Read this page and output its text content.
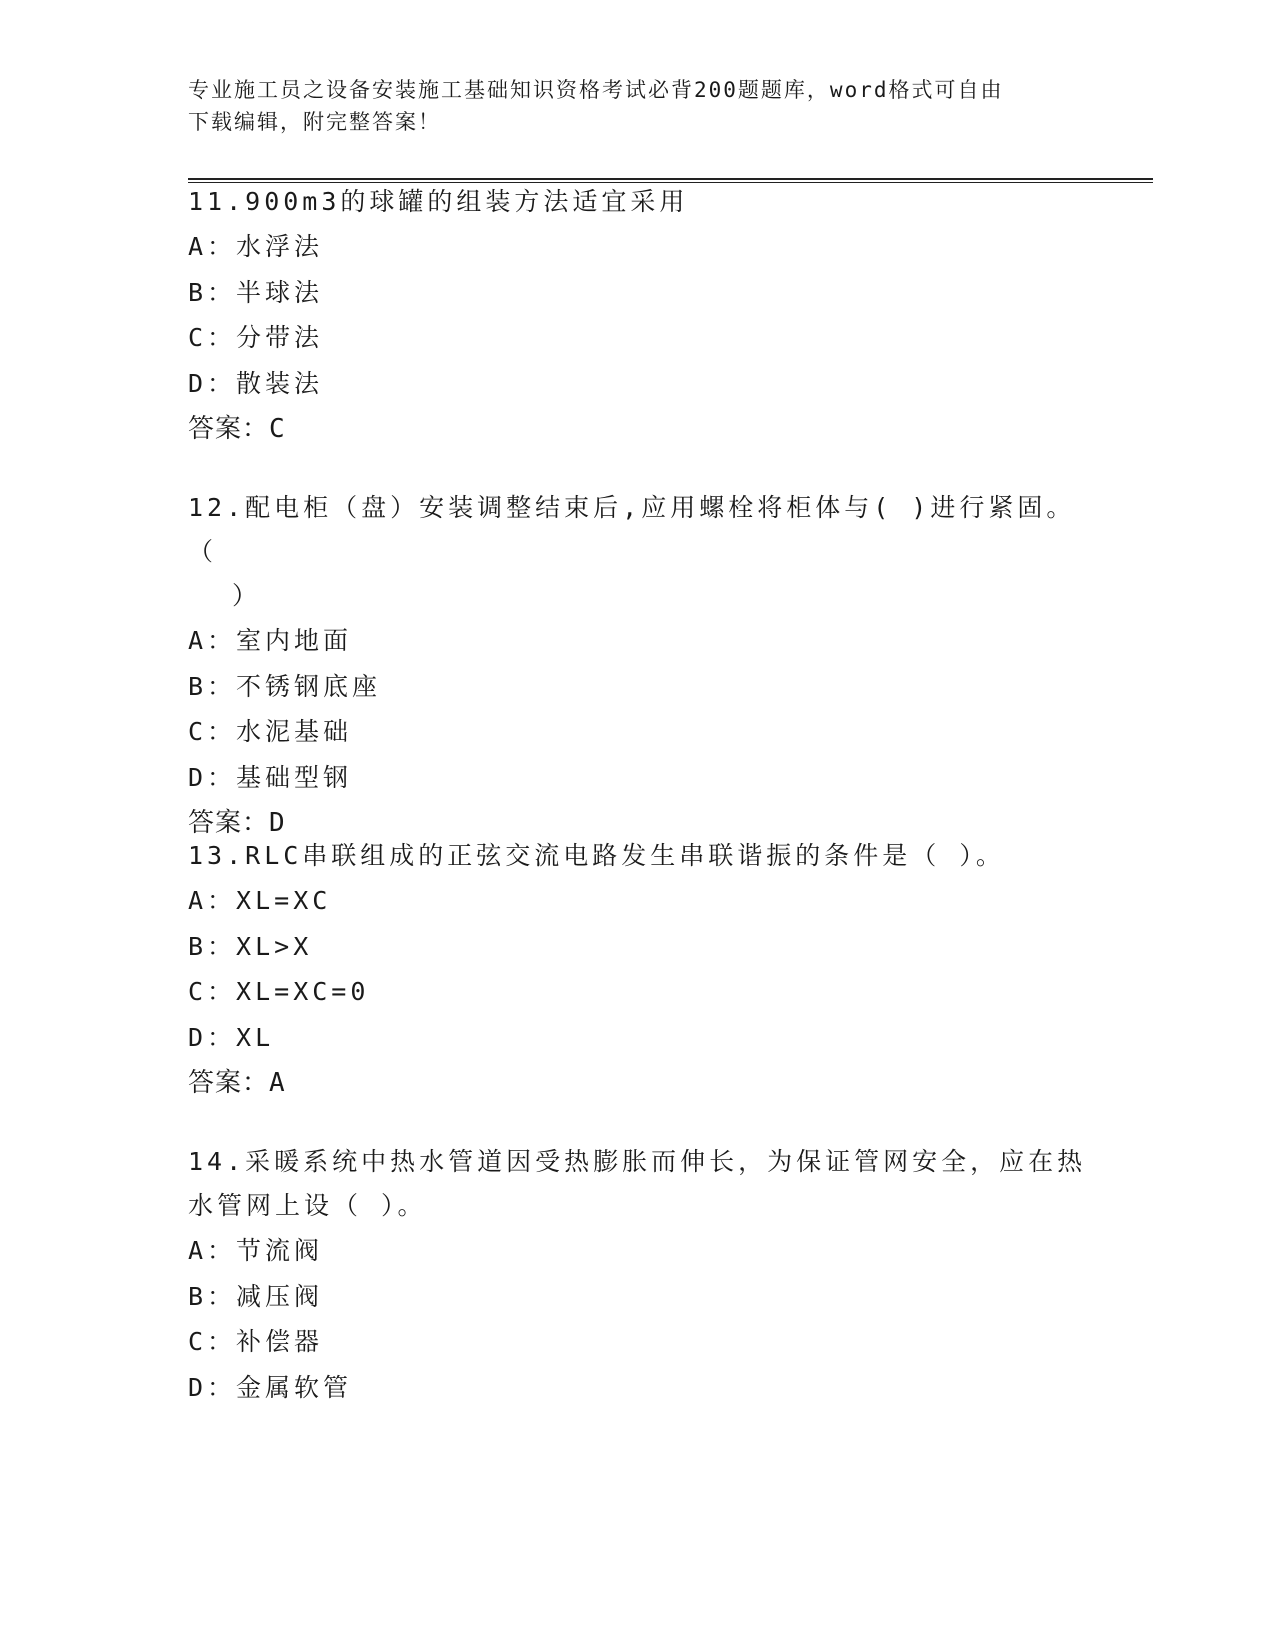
专业施工员之设备安装施工基础知识资格考试必背200题题库，word格式可自由
下载编辑，附完整答案！
11.900m3的球罐的组装方法适宜采用
A：水浮法
B：半球法
C：分带法
D：散装法
答案：C
12.配电柜（盘）安装调整结束后,应用螺栓将柜体与( )进行紧固。（
）
A：室内地面
B：不锈钢底座
C：水泥基础
D：基础型钢
答案：D
13.RLC串联组成的正弦交流电路发生串联谐振的条件是（ ）。
A：XL=XC
B：XL>X
C：XL=XC=0
D：XL
答案：A
14.采暖系统中热水管道因受热膨胀而伸长，为保证管网安全，应在热
水管网上设（ ）。
A：节流阀
B：减压阀
C：补偿器
D：金属软管
